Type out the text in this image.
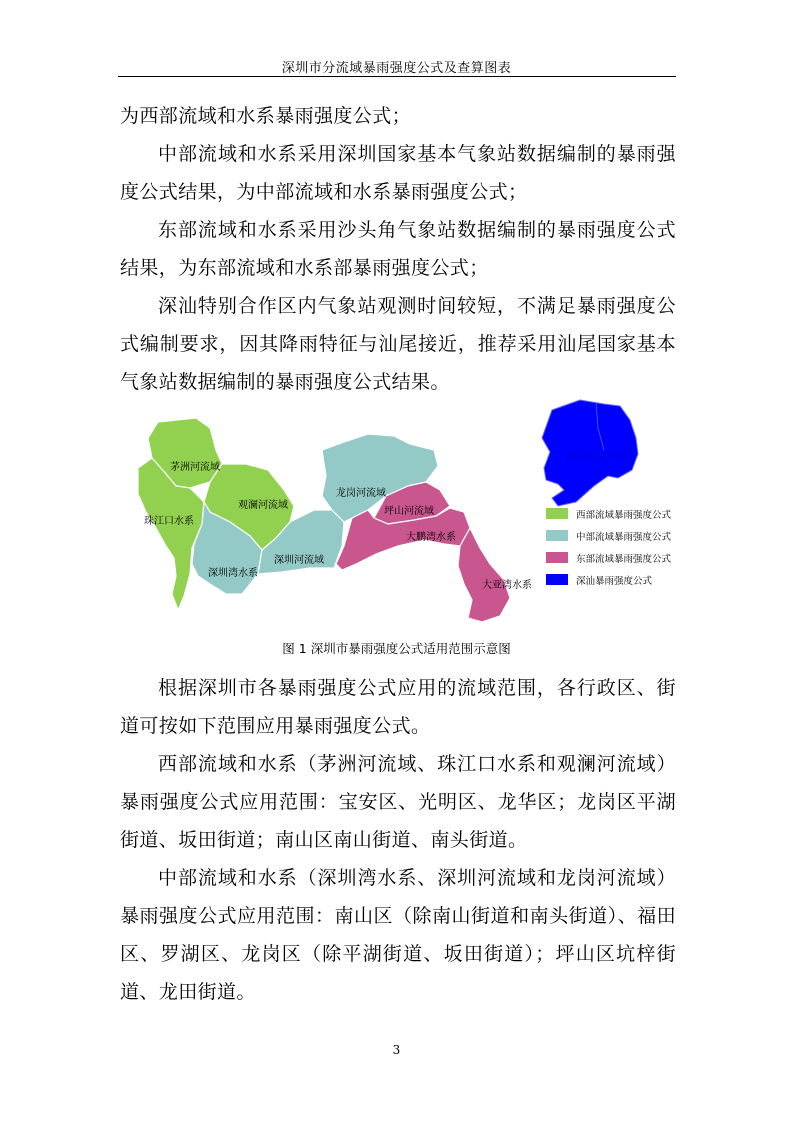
深圳市分流域暴雨强度公式及查算图表

为西部流域和水系暴雨强度公式；

中部流域和水系采用深圳国家基本气象站数据编制的暴雨强度公式结果，为中部流域和水系暴雨强度公式；

东部流域和水系采用沙头角气象站数据编制的暴雨强度公式结果，为东部流域和水系部暴雨强度公式；

深汕特别合作区内气象站观测时间较短，不满足暴雨强度公式编制要求，因其降雨特征与汕尾接近，推荐采用汕尾国家基本气象站数据编制的暴雨强度公式结果。

茅洲河流域
珠江口水系
观澜河流域
深圳湾水系
深圳河流域
龙岗河流域
坪山河流域
大鹏湾水系
大亚湾水系
深汕特别合作区
西部流域暴雨强度公式
中部流域暴雨强度公式
东部流域暴雨强度公式
深汕暴雨强度公式
图 1 深圳市暴雨强度公式适用范围示意图

根据深圳市各暴雨强度公式应用的流域范围，各行政区、街道可按如下范围应用暴雨强度公式。

西部流域和水系（茅洲河流域、珠江口水系和观澜河流域）暴雨强度公式应用范围：宝安区、光明区、龙华区；龙岗区平湖街道、坂田街道；南山区南山街道、南头街道。

中部流域和水系（深圳湾水系、深圳河流域和龙岗河流域）暴雨强度公式应用范围：南山区（除南山街道和南头街道）、福田区、罗湖区、龙岗区（除平湖街道、坂田街道）；坪山区坑梓街道、龙田街道。

3
